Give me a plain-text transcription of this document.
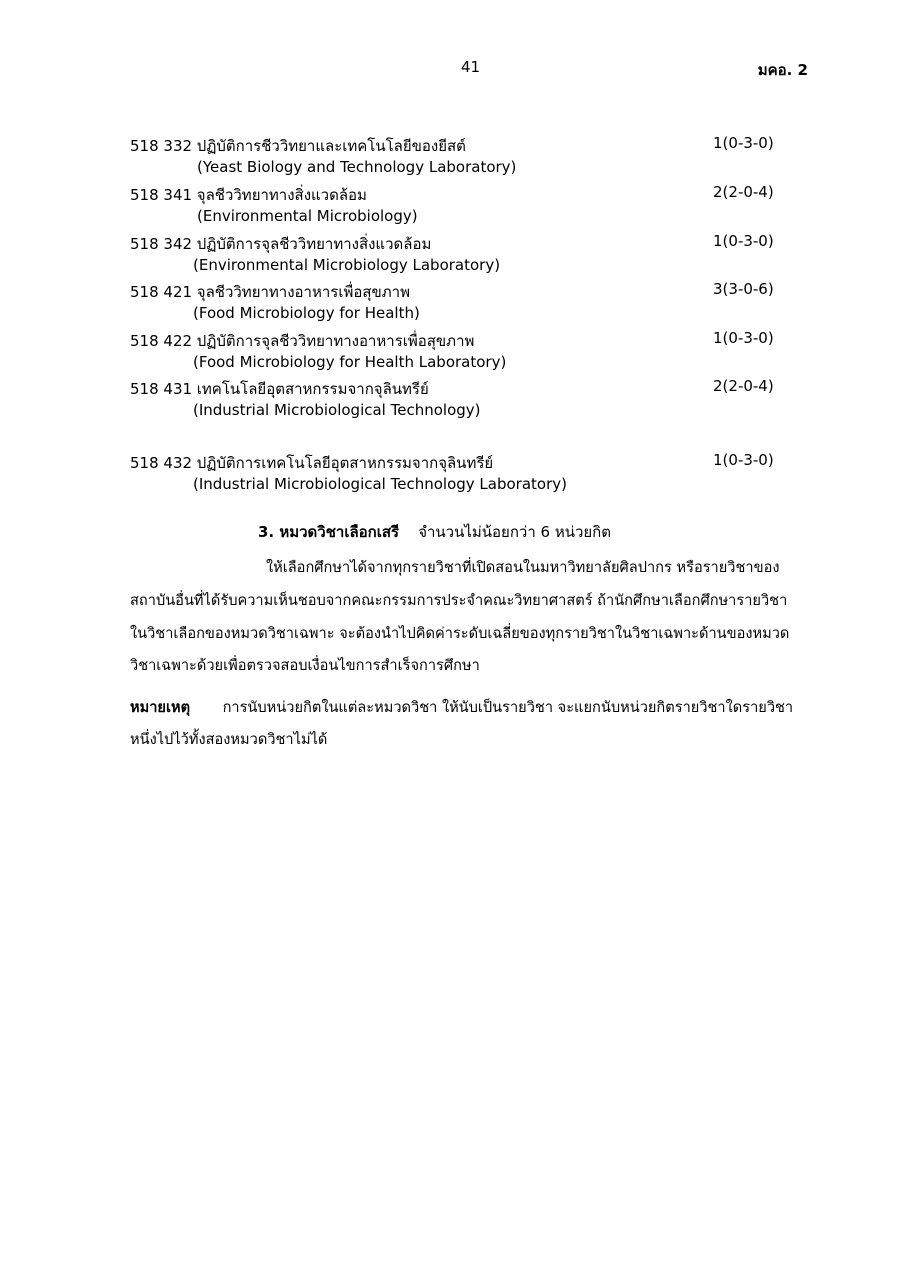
41	มคอ. 2
518 332 ปฏิบัติการชีววิทยาและเทคโนโลยีของยีสต์	1(0-3-0)
(Yeast Biology and Technology Laboratory)
518 341 จุลชีววิทยาทางสิ่งแวดล้อม	2(2-0-4)
(Environmental Microbiology)
518 342 ปฏิบัติการจุลชีววิทยาทางสิ่งแวดล้อม	1(0-3-0)
(Environmental Microbiology Laboratory)
518 421 จุลชีววิทยาทางอาหารเพื่อสุขภาพ	3(3-0-6)
(Food Microbiology for Health)
518 422 ปฏิบัติการจุลชีววิทยาทางอาหารเพื่อสุขภาพ	1(0-3-0)
(Food Microbiology for Health Laboratory)
518 431 เทคโนโลยีอุตสาหกรรมจากจุลินทรีย์	2(2-0-4)
(Industrial Microbiological Technology)
518 432 ปฏิบัติการเทคโนโลยีอุตสาหกรรมจากจุลินทรีย์	1(0-3-0)
(Industrial Microbiological Technology Laboratory)
3. หมวดวิชาเลือกเสรี จำนวนไม่น้อยกว่า 6 หน่วยกิต
ให้เลือกศึกษาได้จากทุกรายวิชาที่เปิดสอนในมหาวิทยาลัยศิลปากร หรือรายวิชาของ
สถาบันอื่นที่ได้รับความเห็นชอบจากคณะกรรมการประจำคณะวิทยาศาสตร์ ถ้านักศึกษาเลือกศึกษารายวิชา
ในวิชาเลือกของหมวดวิชาเฉพาะ จะต้องนำไปคิดค่าระดับเฉลี่ยของทุกรายวิชาในวิชาเฉพาะด้านของหมวด
วิชาเฉพาะด้วยเพื่อตรวจสอบเงื่อนไขการสำเร็จการศึกษา
หมายเหตุ การนับหน่วยกิตในแต่ละหมวดวิชา ให้นับเป็นรายวิชา จะแยกนับหน่วยกิตรายวิชาใดรายวิชา
หนึ่งไปไว้ทั้งสองหมวดวิชาไม่ได้
